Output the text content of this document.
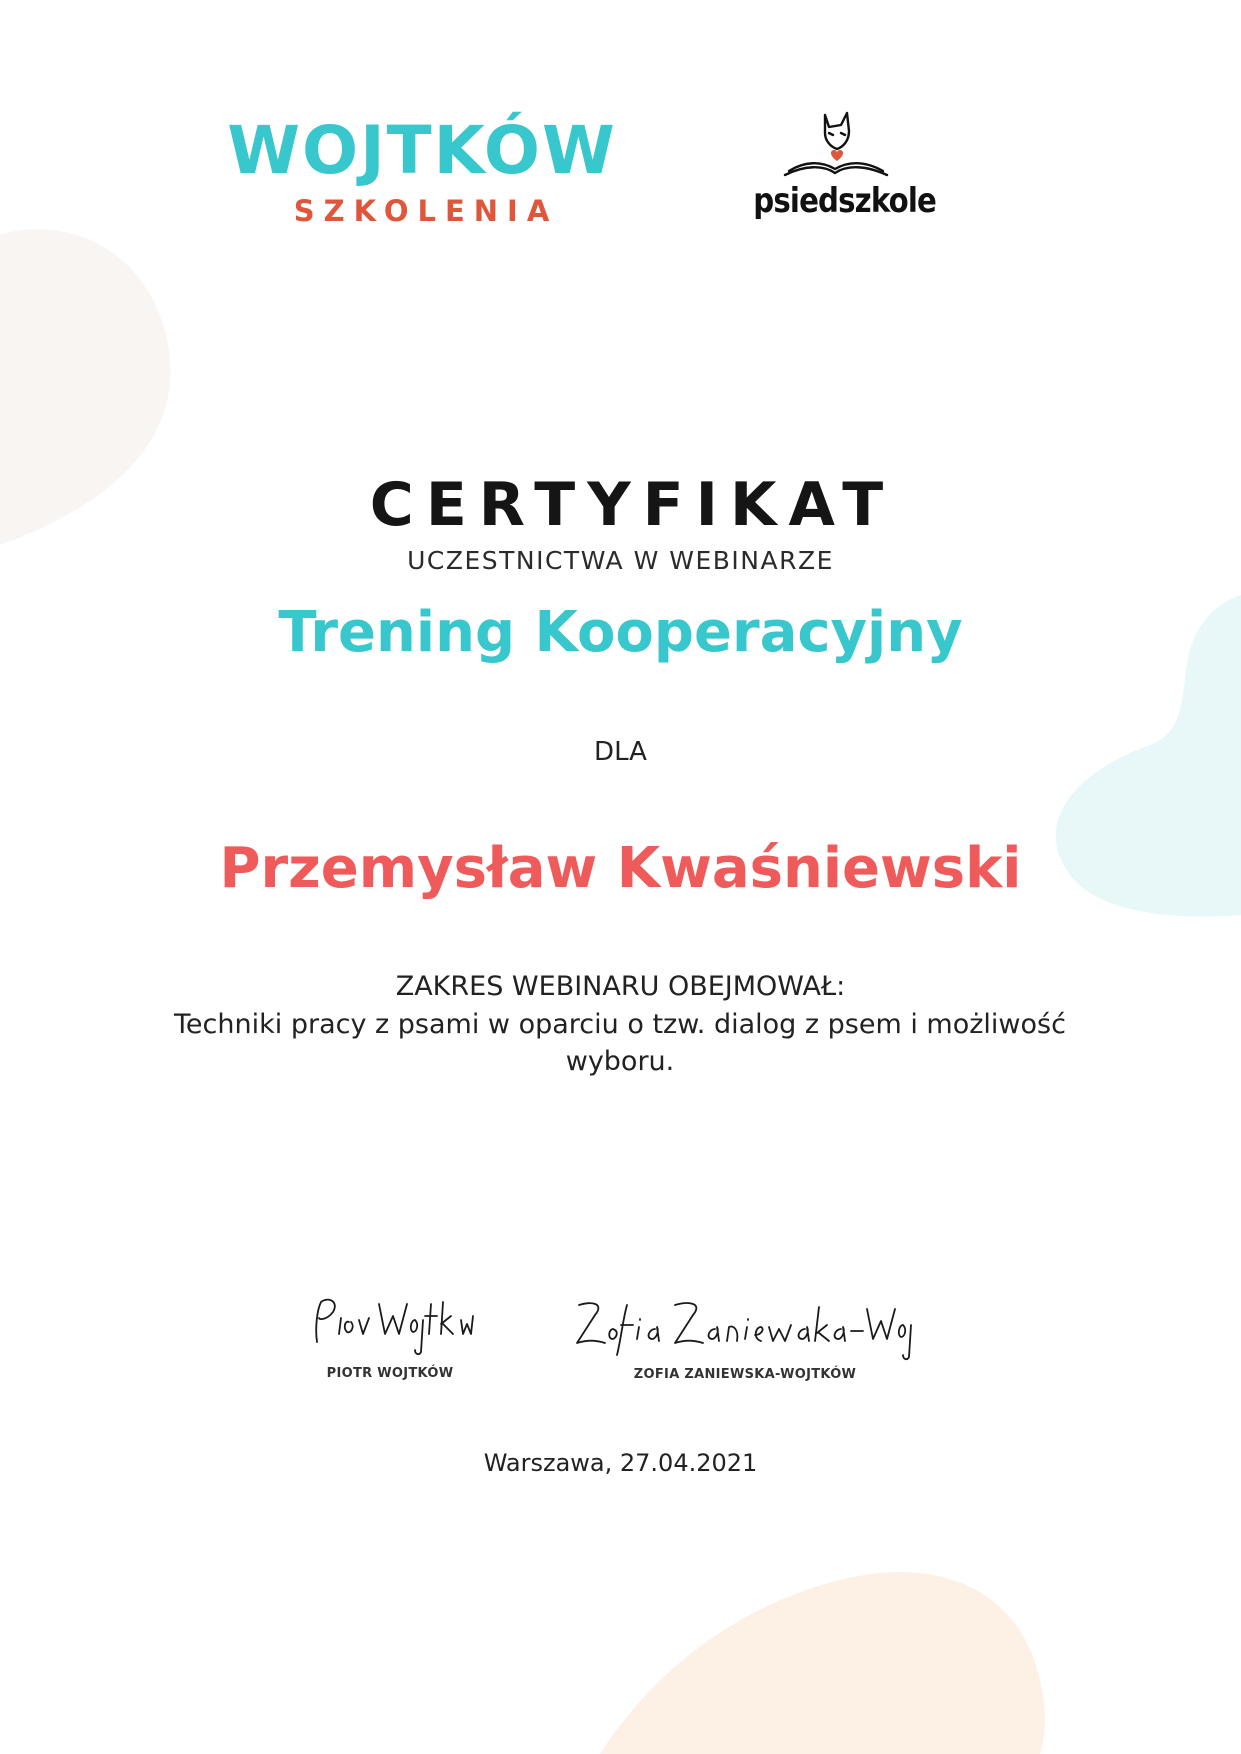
WOJTKÓW
SZKOLENIA	psiedszkole
CERTYFIKAT
UCZESTNICTWA W WEBINARZE
Trening Kooperacyjny
DLA
Przemysław Kwaśniewski
ZAKRES WEBINARU OBEJMOWAŁ:
Techniki pracy z psami w oparciu o tzw. dialog z psem i możliwość wyboru.
PIOTR WOJTKÓW	ZOFIA ZANIEWSKA-WOJTKÓW
Warszawa, 27.04.2021
